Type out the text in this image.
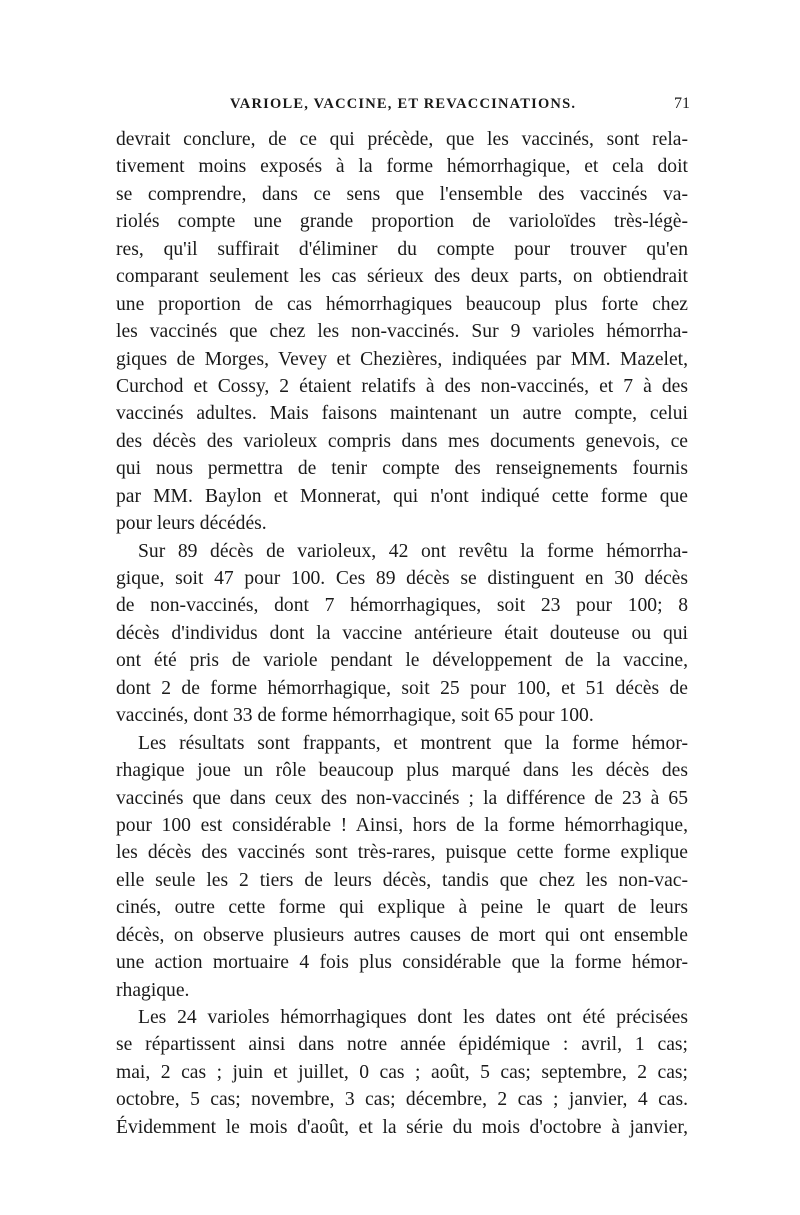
VARIOLE, VACCINE, ET REVACCINATIONS.	71
devrait conclure, de ce qui précède, que les vaccinés, sont rela-
tivement moins exposés à la forme hémorrhagique, et cela doit
se comprendre, dans ce sens que l'ensemble des vaccinés va-
riolés compte une grande proportion de varioloïdes très-légè-
res, qu'il suffirait d'éliminer du compte pour trouver qu'en
comparant seulement les cas sérieux des deux parts, on obtiendrait
une proportion de cas hémorrhagiques beaucoup plus forte chez
les vaccinés que chez les non-vaccinés. Sur 9 varioles hémorrha-
giques de Morges, Vevey et Chezières, indiquées par MM. Mazelet,
Curchod et Cossy, 2 étaient relatifs à des non-vaccinés, et 7 à des
vaccinés adultes. Mais faisons maintenant un autre compte, celui
des décès des varioleux compris dans mes documents genevois, ce
qui nous permettra de tenir compte des renseignements fournis
par MM. Baylon et Monnerat, qui n'ont indiqué cette forme que
pour leurs décédés.
Sur 89 décès de varioleux, 42 ont revêtu la forme hémorrha-
gique, soit 47 pour 100. Ces 89 décès se distinguent en 30 décès
de non-vaccinés, dont 7 hémorrhagiques, soit 23 pour 100; 8
décès d'individus dont la vaccine antérieure était douteuse ou qui
ont été pris de variole pendant le développement de la vaccine,
dont 2 de forme hémorrhagique, soit 25 pour 100, et 51 décès de
vaccinés, dont 33 de forme hémorrhagique, soit 65 pour 100.
Les résultats sont frappants, et montrent que la forme hémor-
rhagique joue un rôle beaucoup plus marqué dans les décès des
vaccinés que dans ceux des non-vaccinés ; la différence de 23 à 65
pour 100 est considérable ! Ainsi, hors de la forme hémorrhagique,
les décès des vaccinés sont très-rares, puisque cette forme explique
elle seule les 2 tiers de leurs décès, tandis que chez les non-vac-
cinés, outre cette forme qui explique à peine le quart de leurs
décès, on observe plusieurs autres causes de mort qui ont ensemble
une action mortuaire 4 fois plus considérable que la forme hémor-
rhagique.
Les 24 varioles hémorrhagiques dont les dates ont été précisées
se répartissent ainsi dans notre année épidémique : avril, 1 cas;
mai, 2 cas ; juin et juillet, 0 cas ; août, 5 cas; septembre, 2 cas;
octobre, 5 cas; novembre, 3 cas; décembre, 2 cas ; janvier, 4 cas.
Évidemment le mois d'août, et la série du mois d'octobre à janvier,
